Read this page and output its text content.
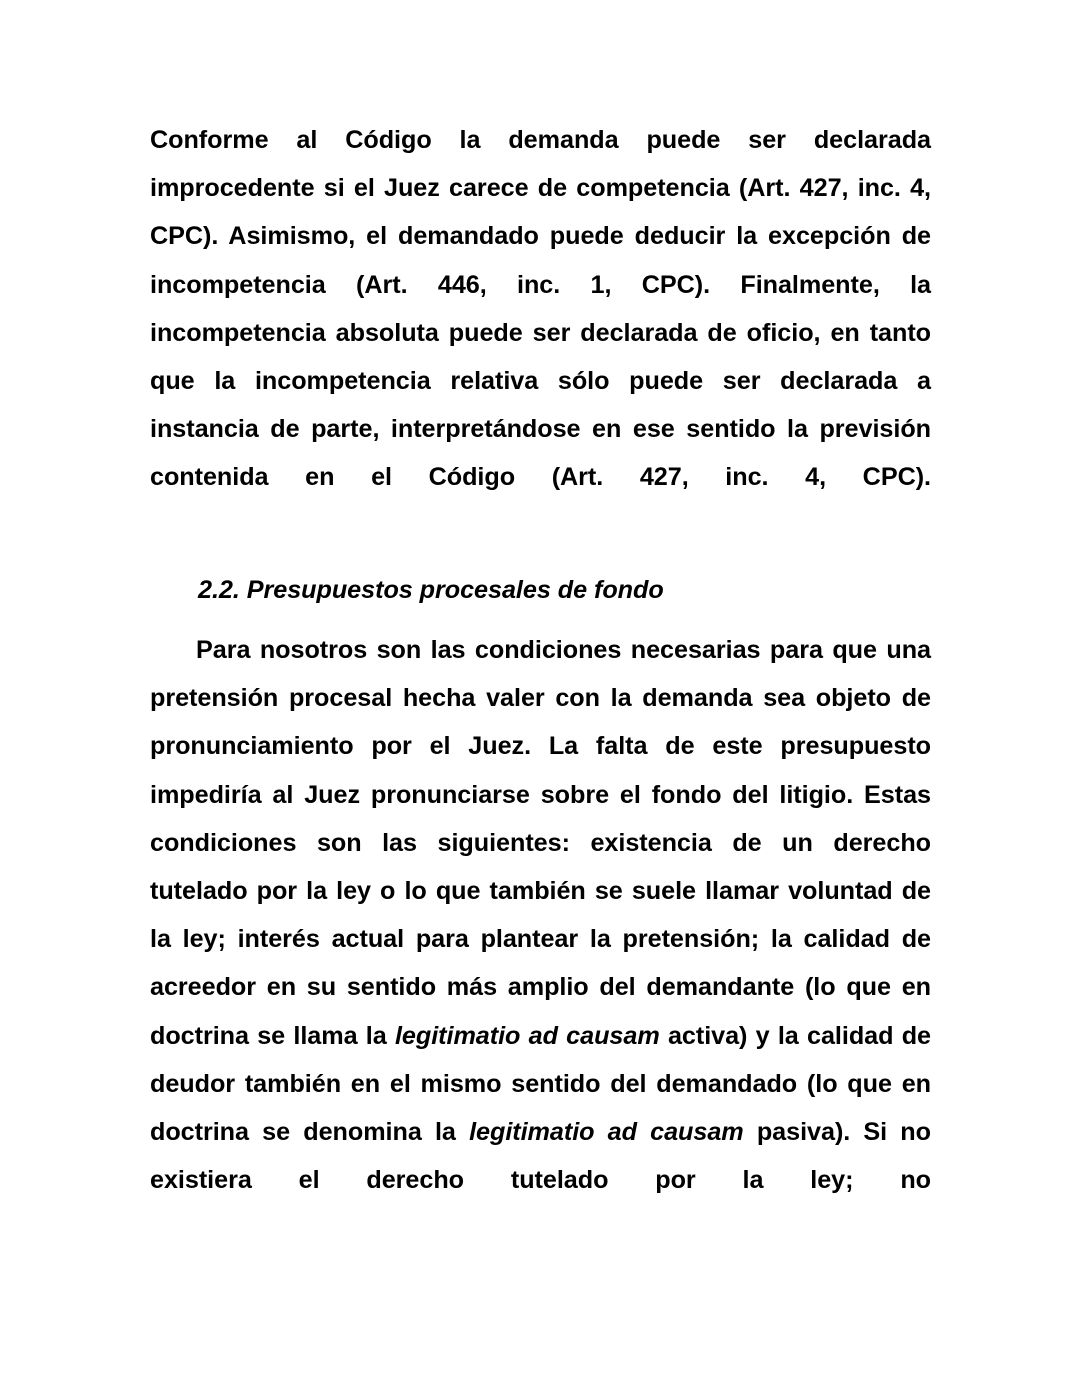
Conforme al Código la demanda puede ser declarada improcedente si el Juez carece de competencia (Art. 427, inc. 4, CPC). Asimismo, el demandado puede deducir la excepción de incompetencia (Art. 446, inc. 1, CPC). Finalmente, la incompetencia absoluta puede ser declarada de oficio, en tanto que la incompetencia relativa sólo puede ser declarada a instancia de parte, interpretándose en ese sentido la previsión contenida en el Código (Art. 427, inc. 4, CPC).

2.2. Presupuestos procesales de fondo

Para nosotros son las condiciones necesarias para que una pretensión procesal hecha valer con la demanda sea objeto de pronunciamiento por el Juez. La falta de este presupuesto impediría al Juez pronunciarse sobre el fondo del litigio. Estas condiciones son las siguientes: existencia de un derecho tutelado por la ley o lo que también se suele llamar voluntad de la ley; interés actual para plantear la pretensión; la calidad de acreedor en su sentido más amplio del demandante (lo que en doctrina se llama la legitimatio ad causam activa) y la calidad de deudor también en el mismo sentido del demandado (lo que en doctrina se denomina la legitimatio ad causam pasiva). Si no existiera el derecho tutelado por la ley; no
